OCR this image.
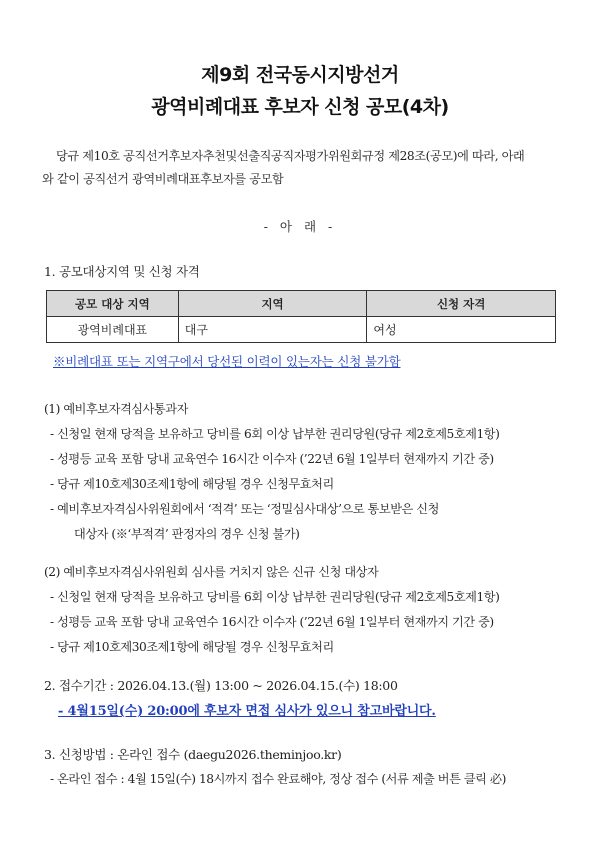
제9회 전국동시지방선거
광역비례대표 후보자 신청 공모(4차)
당규 제10호 공직선거후보자추천및선출직공직자평가위원회규정 제28조(공모)에 따라, 아래
와 같이 공직선거 광역비례대표후보자를 공모함
- 아 래 -
1. 공모대상지역 및 신청 자격
공모 대상 지역	지역	신청 자격
광역비례대표	대구	여성
※비례대표 또는 지역구에서 당선된 이력이 있는자는 신청 불가함
(1) 예비후보자격심사통과자
- 신청일 현재 당적을 보유하고 당비를 6회 이상 납부한 권리당원(당규 제2호제5호제1항)
- 성평등 교육 포함 당내 교육연수 16시간 이수자 (’22년 6월 1일부터 현재까지 기간 중)
- 당규 제10호제30조제1항에 해당될 경우 신청무효처리
- 예비후보자격심사위원회에서 ‘적격’ 또는 ‘정밀심사대상’으로 통보받은 신청
대상자 (※‘부적격’ 판정자의 경우 신청 불가)
(2) 예비후보자격심사위원회 심사를 거치지 않은 신규 신청 대상자
- 신청일 현재 당적을 보유하고 당비를 6회 이상 납부한 권리당원(당규 제2호제5호제1항)
- 성평등 교육 포함 당내 교육연수 16시간 이수자 (’22년 6월 1일부터 현재까지 기간 중)
- 당규 제10호제30조제1항에 해당될 경우 신청무효처리
2. 접수기간 : 2026.04.13.(월) 13:00 ~ 2026.04.15.(수) 18:00
- 4월15일(수) 20:00에 후보자 면접 심사가 있으니 참고바랍니다.
3. 신청방법 : 온라인 접수 (daegu2026.theminjoo.kr)
- 온라인 접수 : 4월 15일(수) 18시까지 접수 완료해야, 정상 접수 (서류 제출 버튼 클릭 必)
